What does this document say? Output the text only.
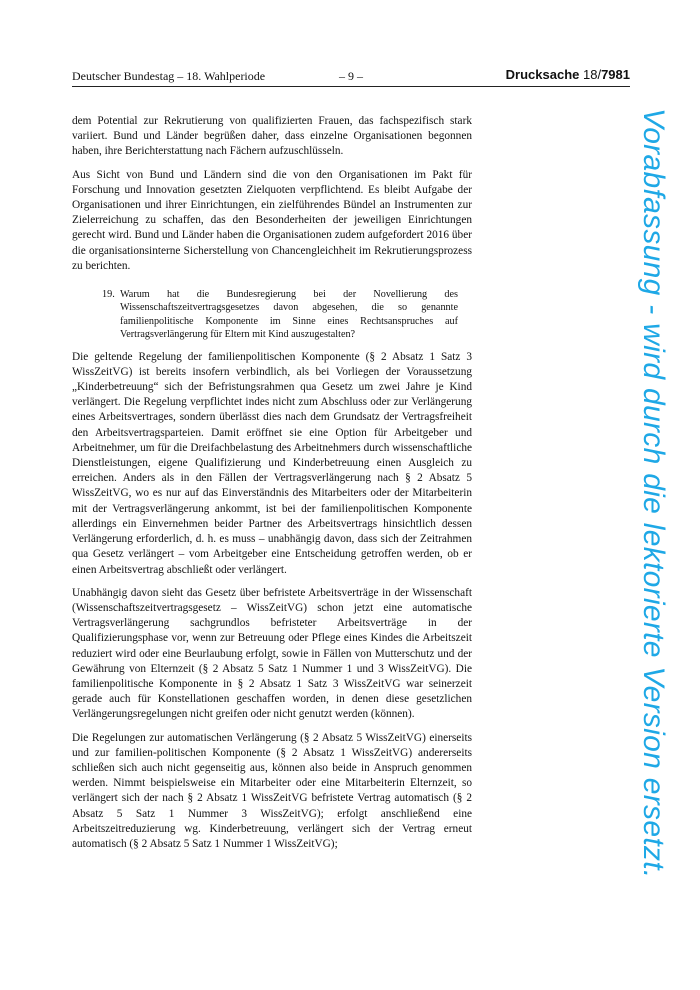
Deutscher Bundestag – 18. Wahlperiode	– 9 –	Drucksache 18/7981

dem Potential zur Rekrutierung von qualifizierten Frauen, das fachspezifisch stark variiert. Bund und Länder begrüßen daher, dass einzelne Organisationen begonnen haben, ihre Berichterstattung nach Fächern aufzuschlüsseln.

Aus Sicht von Bund und Ländern sind die von den Organisationen im Pakt für Forschung und Innovation gesetzten Zielquoten verpflichtend. Es bleibt Aufgabe der Organisationen und ihrer Einrichtungen, ein zielführendes Bündel an Instrumenten zur Zielerreichung zu schaffen, das den Besonderheiten der jeweiligen Einrichtungen gerecht wird. Bund und Länder haben die Organisationen zudem aufgefordert 2016 über die organisationsinterne Sicherstellung von Chancengleichheit im Rekrutierungsprozess zu berichten.

19. Warum hat die Bundesregierung bei der Novellierung des Wissenschaftszeitvertragsgesetzes davon abgesehen, die so genannte familienpolitische Komponente im Sinne eines Rechtsanspruches auf Vertragsverlängerung für Eltern mit Kind auszugestalten?

Die geltende Regelung der familienpolitischen Komponente (§ 2 Absatz 1 Satz 3 WissZeitVG) ist bereits insofern verbindlich, als bei Vorliegen der Voraussetzung „Kinderbetreuung“ sich der Befristungsrahmen qua Gesetz um zwei Jahre je Kind verlängert. Die Regelung verpflichtet indes nicht zum Abschluss oder zur Verlängerung eines Arbeitsvertrages, sondern überlässt dies nach dem Grundsatz der Vertragsfreiheit den Arbeitsvertragsparteien. Damit eröffnet sie eine Option für Arbeitgeber und Arbeitnehmer, um für die Dreifachbelastung des Arbeitnehmers durch wissenschaftliche Dienstleistungen, eigene Qualifizierung und Kinderbetreuung einen Ausgleich zu erreichen. Anders als in den Fällen der Vertragsverlängerung nach § 2 Absatz 5 WissZeitVG, wo es nur auf das Einverständnis des Mitarbeiters oder der Mitarbeiterin mit der Vertragsverlängerung ankommt, ist bei der familienpolitischen Komponente allerdings ein Einvernehmen beider Partner des Arbeitsvertrags hinsichtlich dessen Verlängerung erforderlich, d. h. es muss – unabhängig davon, dass sich der Zeitrahmen qua Gesetz verlängert – vom Arbeitgeber eine Entscheidung getroffen werden, ob er einen Arbeitsvertrag abschließt oder verlängert.

Unabhängig davon sieht das Gesetz über befristete Arbeitsverträge in der Wissenschaft (Wissenschaftszeitvertragsgesetz – WissZeitVG) schon jetzt eine automatische Vertragsverlängerung sachgrundlos befristeter Arbeitsverträge in der Qualifizierungsphase vor, wenn zur Betreuung oder Pflege eines Kindes die Arbeitszeit reduziert wird oder eine Beurlaubung erfolgt, sowie in Fällen von Mutterschutz und der Gewährung von Elternzeit (§ 2 Absatz 5 Satz 1 Nummer 1 und 3 WissZeitVG). Die familienpolitische Komponente in § 2 Absatz 1 Satz 3 WissZeitVG war seinerzeit gerade auch für Konstellationen geschaffen worden, in denen diese gesetzlichen Verlängerungsregelungen nicht greifen oder nicht genutzt werden (können).

Die Regelungen zur automatischen Verlängerung (§ 2 Absatz 5 WissZeitVG) einerseits und zur familien-politischen Komponente (§ 2 Absatz 1 WissZeitVG) andererseits schließen sich auch nicht gegenseitig aus, können also beide in Anspruch genommen werden. Nimmt beispielsweise ein Mitarbeiter oder eine Mitarbeiterin Elternzeit, so verlängert sich der nach § 2 Absatz 1 WissZeitVG befristete Vertrag automatisch (§ 2 Absatz 5 Satz 1 Nummer 3 WissZeitVG); erfolgt anschließend eine Arbeitszeitreduzierung wg. Kinderbetreuung, verlängert sich der Vertrag erneut automatisch (§ 2 Absatz 5 Satz 1 Nummer 1 WissZeitVG);	Vorabfassung - wird durch die lektorierte Version ersetzt.
